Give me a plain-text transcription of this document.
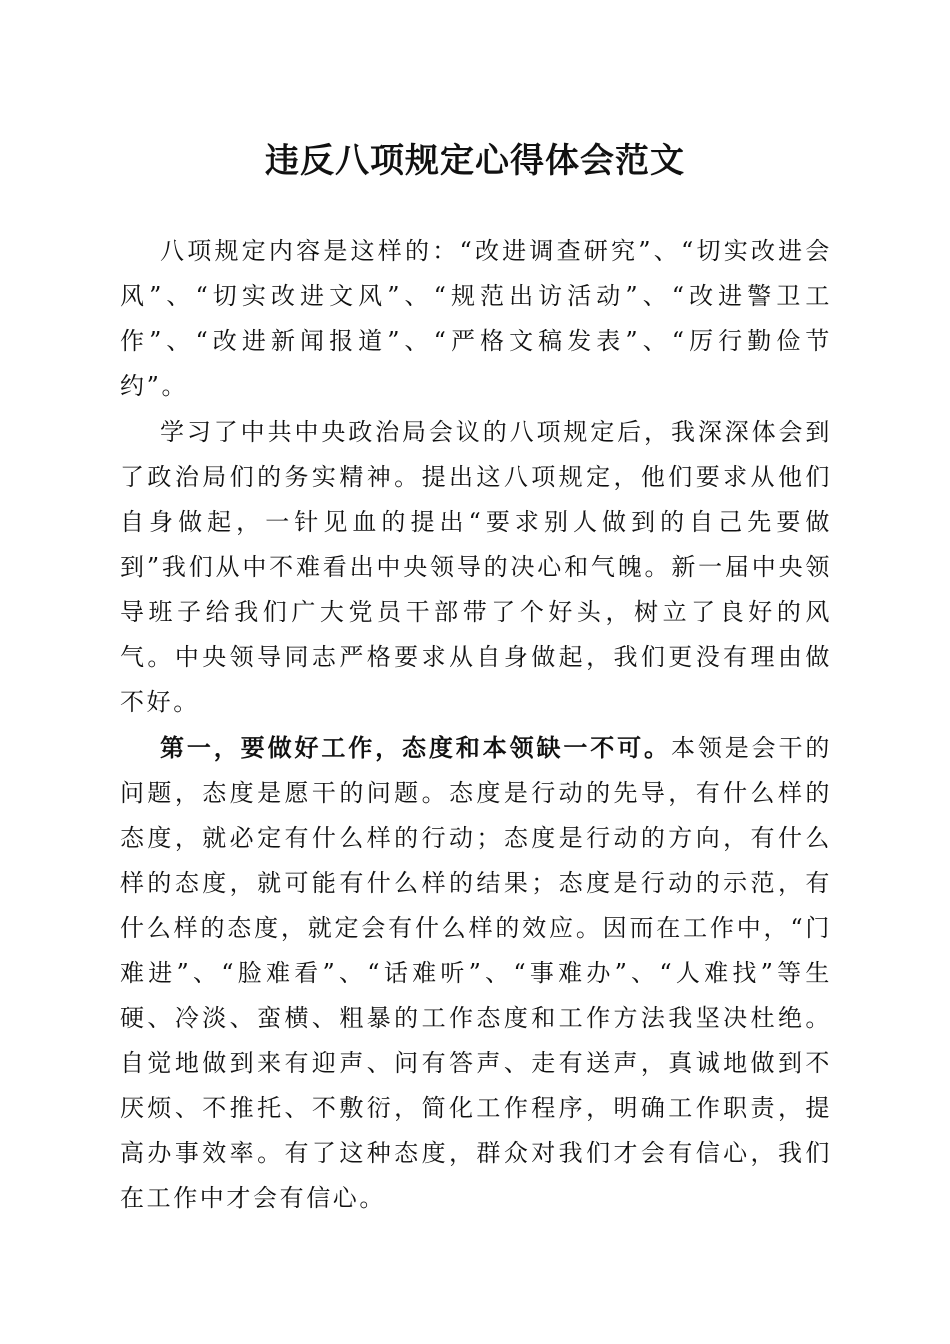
违反八项规定心得体会范文

八项规定内容是这样的：“改进调查研究”、“切实改进会风”、“切实改进文风”、“规范出访活动”、“改进警卫工作”、“改进新闻报道”、“严格文稿发表”、“厉行勤俭节约”。

学习了中共中央政治局会议的八项规定后，我深深体会到了政治局们的务实精神。提出这八项规定，他们要求从他们自身做起，一针见血的提出“要求别人做到的自己先要做到”我们从中不难看出中央领导的决心和气魄。新一届中央领导班子给我们广大党员干部带了个好头，树立了良好的风气。中央领导同志严格要求从自身做起，我们更没有理由做不好。

第一，要做好工作，态度和本领缺一不可。本领是会干的问题，态度是愿干的问题。态度是行动的先导，有什么样的态度，就必定有什么样的行动；态度是行动的方向，有什么样的态度，就可能有什么样的结果；态度是行动的示范，有什么样的态度，就定会有什么样的效应。因而在工作中，“门难进”、“脸难看”、“话难听”、“事难办”、“人难找”等生硬、冷淡、蛮横、粗暴的工作态度和工作方法我坚决杜绝。自觉地做到来有迎声、问有答声、走有送声，真诚地做到不厌烦、不推托、不敷衍，简化工作程序，明确工作职责，提高办事效率。有了这种态度，群众对我们才会有信心，我们在工作中才会有信心。
